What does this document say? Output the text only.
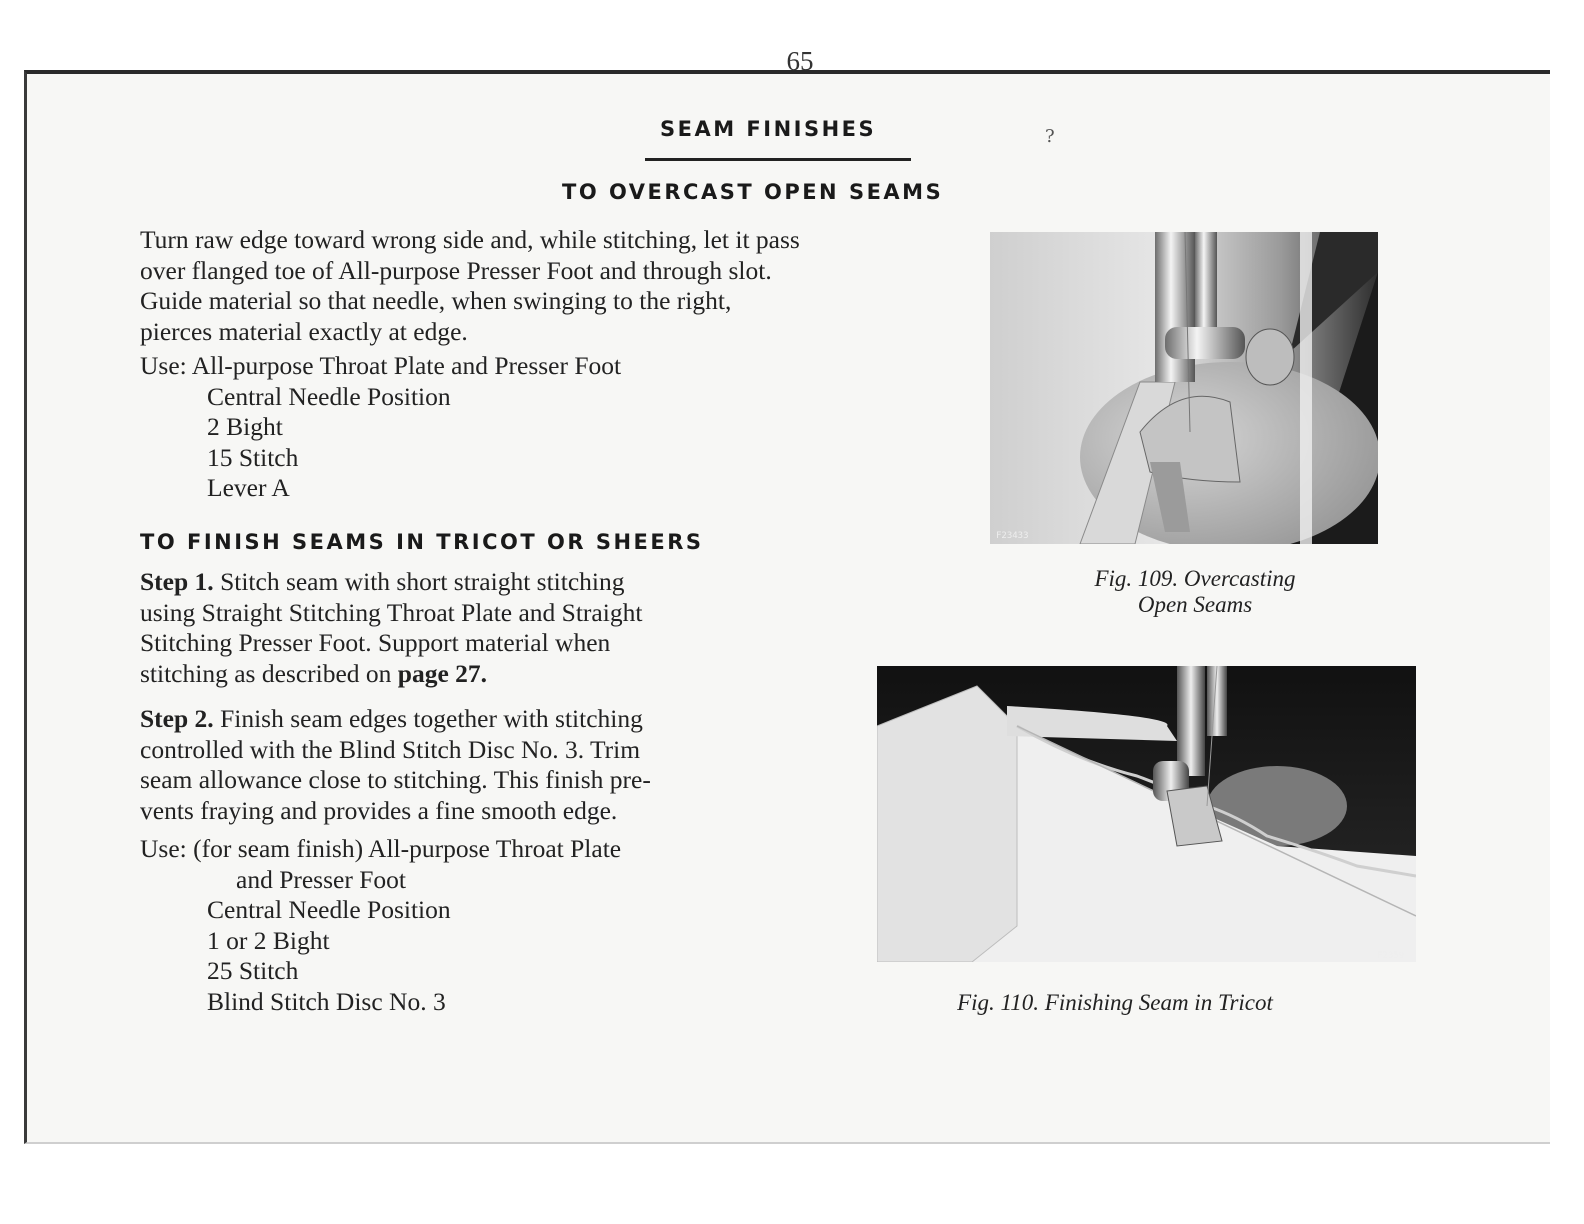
65
SEAM FINISHES	?
TO OVERCAST OPEN SEAMS
Turn raw edge toward wrong side and, while stitching, let it pass
over flanged toe of All-purpose Presser Foot and through slot.
Guide material so that needle, when swinging to the right,
pierces material exactly at edge.
Use: All-purpose Throat Plate and Presser Foot
Central Needle Position
2 Bight
15 Stitch
Lever A
TO FINISH SEAMS IN TRICOT OR SHEERS
Step 1. Stitch seam with short straight stitching
using Straight Stitching Throat Plate and Straight
Stitching Presser Foot. Support material when
stitching as described on page 27.
Step 2. Finish seam edges together with stitching
controlled with the Blind Stitch Disc No. 3. Trim
seam allowance close to stitching. This finish pre-
vents fraying and provides a fine smooth edge.
Use: (for seam finish) All-purpose Throat Plate
and Presser Foot
Central Needle Position
1 or 2 Bight
25 Stitch
Blind Stitch Disc No. 3
F23433
Fig. 109. Overcasting
Open Seams
F2359
Fig. 110. Finishing Seam in Tricot
